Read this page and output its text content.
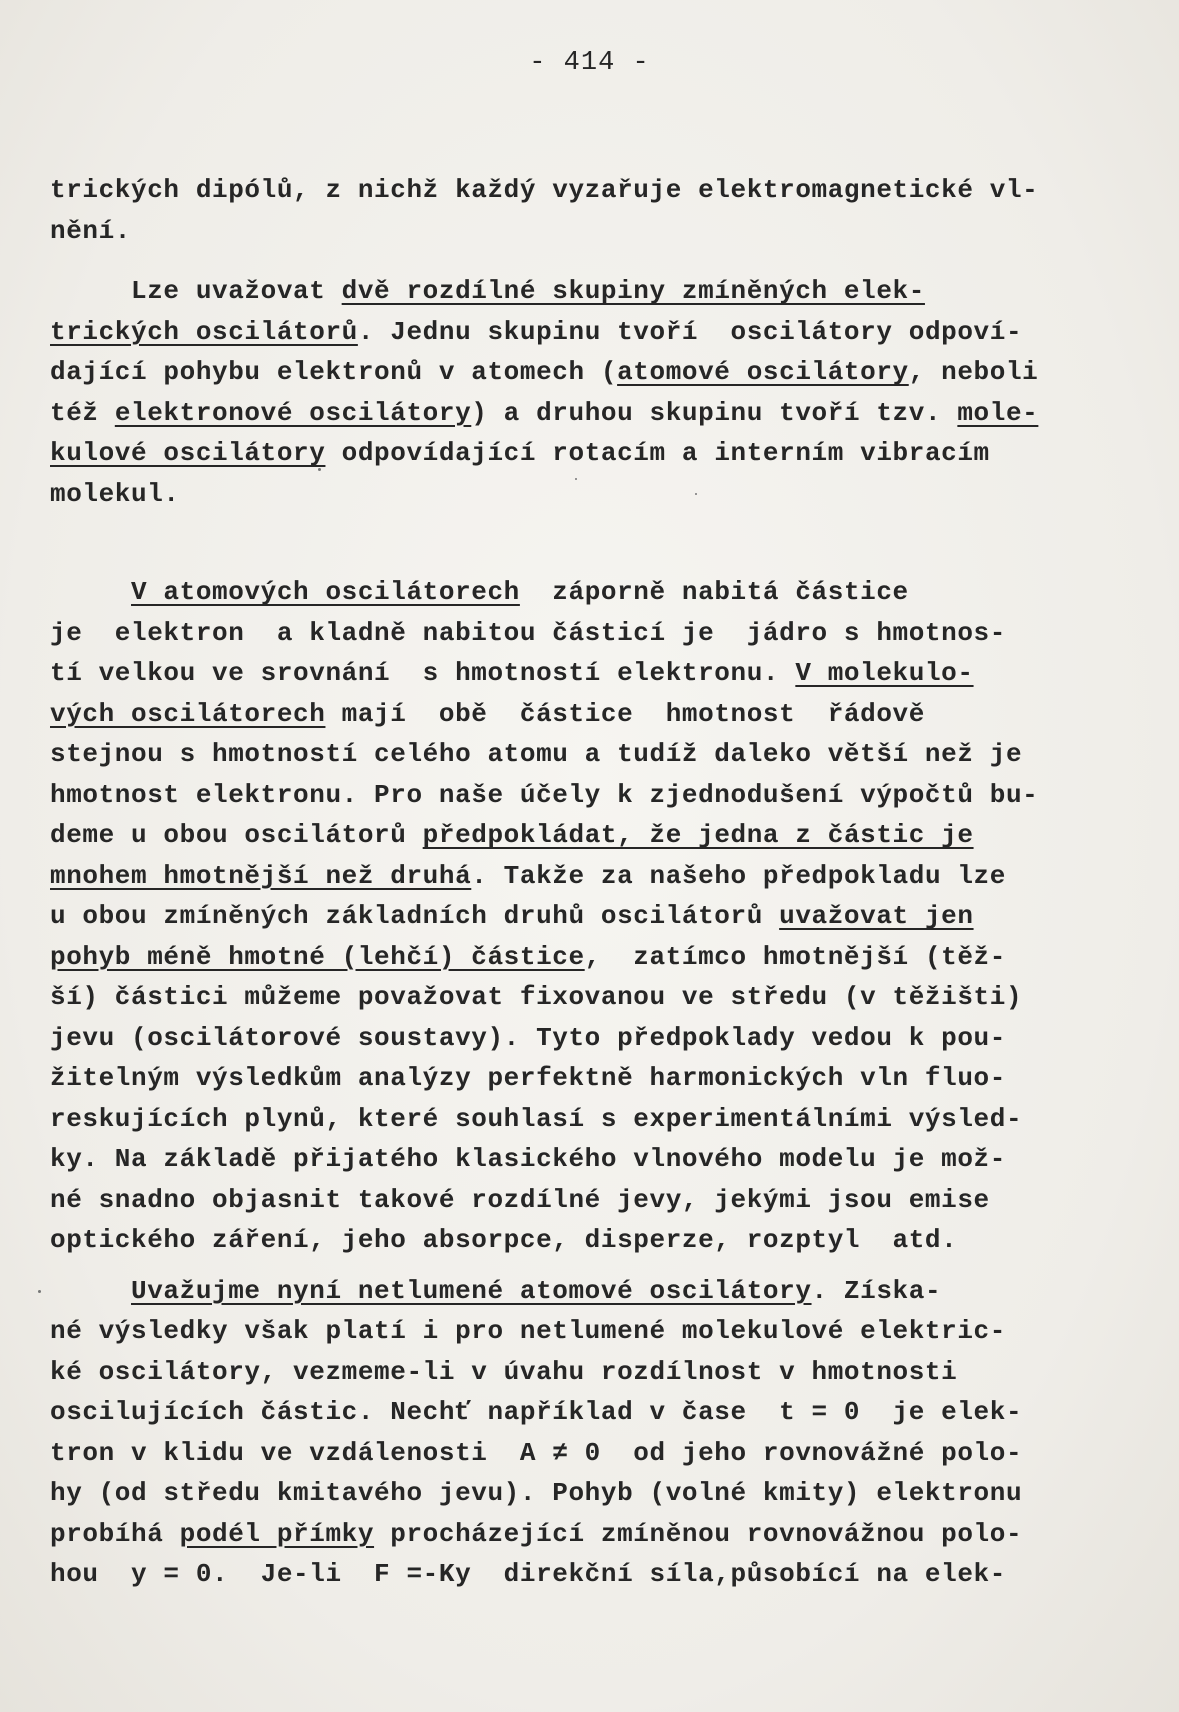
- 414 -
trických dipólů, z nichž každý vyzařuje elektromagnetické vl-
nění.
Lze uvažovat dvě rozdílné skupiny zmíněných elek-
trických oscilátorů. Jednu skupinu tvoří  oscilátory odpoví-
dající pohybu elektronů v atomech (atomové oscilátory, neboli
též elektronové oscilátory) a druhou skupinu tvoří tzv. mole-
kulové oscilátory odpovídající rotacím a interním vibracím
molekul.
V atomových oscilátorech  záporně nabitá částice
je  elektron  a kladně nabitou částicí je  jádro s hmotnos-
tí velkou ve srovnání  s hmotností elektronu. V molekulo-
vých oscilátorech mají  obě  částice  hmotnost  řádově
stejnou s hmotností celého atomu a tudíž daleko větší než je
hmotnost elektronu. Pro naše účely k zjednodušení výpočtů bu-
deme u obou oscilátorů předpokládat, že jedna z částic je
mnohem hmotnější než druhá. Takže za našeho předpokladu lze
u obou zmíněných základních druhů oscilátorů uvažovat jen
pohyb méně hmotné (lehčí) částice,  zatímco hmotnější (těž-
ší) částici můžeme považovat fixovanou ve středu (v těžišti)
jevu (oscilátorové soustavy). Tyto předpoklady vedou k pou-
žitelným výsledkům analýzy perfektně harmonických vln fluo-
reskujících plynů, které souhlasí s experimentálními výsled-
ky. Na základě přijatého klasického vlnového modelu je mož-
né snadno objasnit takové rozdílné jevy, jekými jsou emise
optického záření, jeho absorpce, disperze, rozptyl  atd.
Uvažujme nyní netlumené atomové oscilátory. Získa-
né výsledky však platí i pro netlumené molekulové elektric-
ké oscilátory, vezmeme-li v úvahu rozdílnost v hmotnosti
oscilujících částic. Nechť například v čase  t = 0  je elek-
tron v klidu ve vzdálenosti  A ≠ 0  od jeho rovnovážné polo-
hy (od středu kmitavého jevu). Pohyb (volné kmity) elektronu
probíhá podél přímky procházející zmíněnou rovnovážnou polo-
hou  y = 0.  Je-li  F =-Ky  direkční síla,působící na elek-
